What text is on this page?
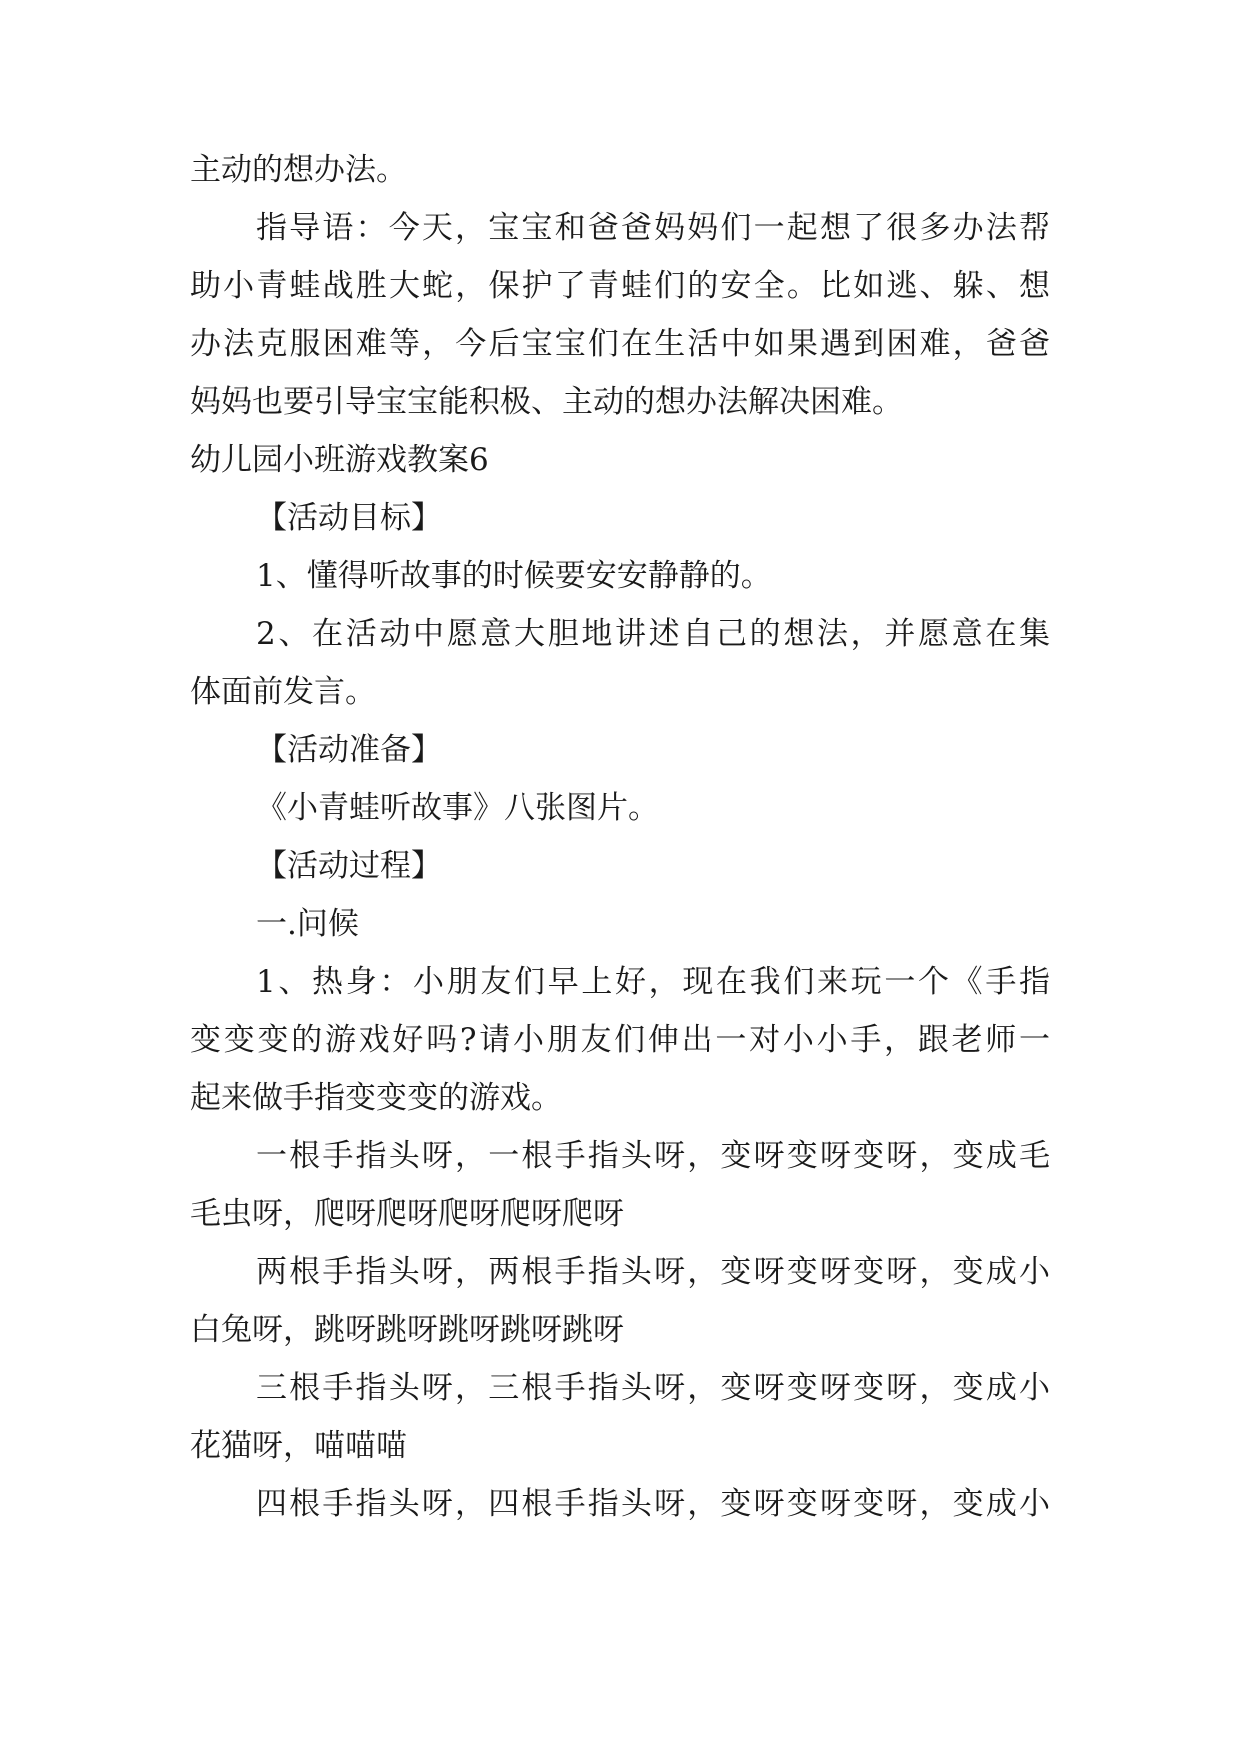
主动的想办法。
指导语：今天，宝宝和爸爸妈妈们一起想了很多办法帮
助小青蛙战胜大蛇，保护了青蛙们的安全。比如逃、躲、想
办法克服困难等，今后宝宝们在生活中如果遇到困难，爸爸
妈妈也要引导宝宝能积极、主动的想办法解决困难。
幼儿园小班游戏教案6
【活动目标】
1、懂得听故事的时候要安安静静的。
2、在活动中愿意大胆地讲述自己的想法，并愿意在集
体面前发言。
【活动准备】
《小青蛙听故事》八张图片。
【活动过程】
一.问候
1、热身：小朋友们早上好，现在我们来玩一个《手指
变变变的游戏好吗?请小朋友们伸出一对小小手，跟老师一
起来做手指变变变的游戏。
一根手指头呀，一根手指头呀，变呀变呀变呀，变成毛
毛虫呀，爬呀爬呀爬呀爬呀爬呀
两根手指头呀，两根手指头呀，变呀变呀变呀，变成小
白兔呀，跳呀跳呀跳呀跳呀跳呀
三根手指头呀，三根手指头呀，变呀变呀变呀，变成小
花猫呀，喵喵喵
四根手指头呀，四根手指头呀，变呀变呀变呀，变成小
